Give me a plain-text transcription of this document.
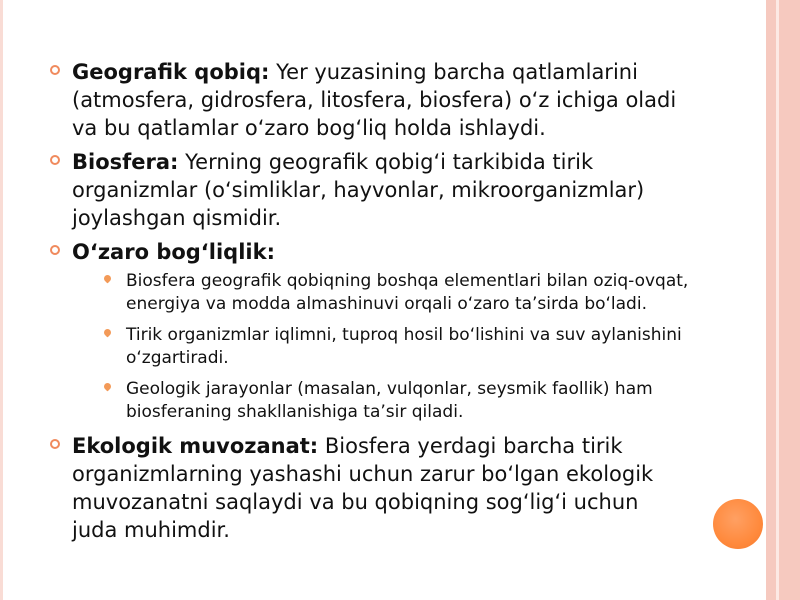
Geografik qobiq: Yer yuzasining barcha qatlamlarini (atmosfera, gidrosfera, litosfera, biosfera) o‘z ichiga oladi va bu qatlamlar o‘zaro bog‘liq holda ishlaydi.
Biosfera: Yerning geografik qobig‘i tarkibida tirik organizmlar (o‘simliklar, hayvonlar, mikroorganizmlar) joylashgan qismidir.
O‘zaro bog‘liqlik:
Biosfera geografik qobiqning boshqa elementlari bilan oziq-ovqat, energiya va modda almashinuvi orqali o‘zaro ta’sirda bo‘ladi.
Tirik organizmlar iqlimni, tuproq hosil bo‘lishini va suv aylanishini o‘zgartiradi.
Geologik jarayonlar (masalan, vulqonlar, seysmik faollik) ham biosferaning shakllanishiga ta’sir qiladi.
Ekologik muvozanat: Biosfera yerdagi barcha tirik organizmlarning yashashi uchun zarur bo‘lgan ekologik muvozanatni saqlaydi va bu qobiqning sog‘lig‘i uchun juda muhimdir.
